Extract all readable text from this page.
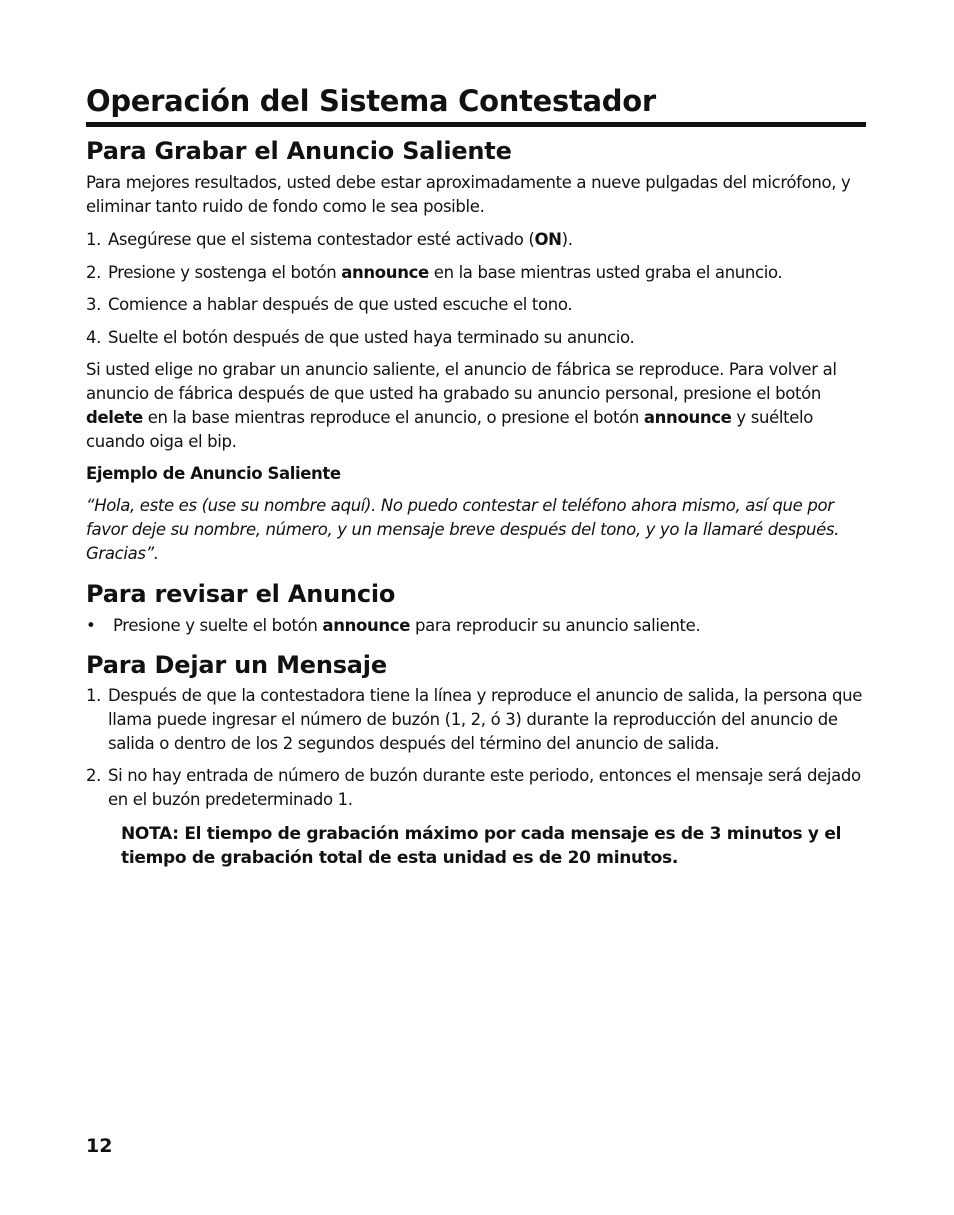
Operación del Sistema Contestador
Para Grabar el Anuncio Saliente

Para mejores resultados, usted debe estar aproximadamente a nueve pulgadas del micrófono, y eliminar tanto ruido de fondo como le sea posible.

1. Asegúrese que el sistema contestador esté activado (ON).
2. Presione y sostenga el botón announce en la base mientras usted graba el anuncio.
3. Comience a hablar después de que usted escuche el tono.
4. Suelte el botón después de que usted haya terminado su anuncio.

Si usted elige no grabar un anuncio saliente, el anuncio de fábrica se reproduce. Para volver al anuncio de fábrica después de que usted ha grabado su anuncio personal, presione el botón delete en la base mientras reproduce el anuncio, o presione el botón announce y suéltelo cuando oiga el bip.

Ejemplo de Anuncio Saliente

“Hola, este es (use su nombre aquí). No puedo contestar el teléfono ahora mismo, así que por favor deje su nombre, número, y un mensaje breve después del tono, y yo la llamaré después. Gracias”.

Para revisar el Anuncio
• Presione y suelte el botón announce para reproducir su anuncio saliente.
Para Dejar un Mensaje
1. Después de que la contestadora tiene la línea y reproduce el anuncio de salida, la persona que llama puede ingresar el número de buzón (1, 2, ó 3) durante la reproducción del anuncio de salida o dentro de los 2 segundos después del término del anuncio de salida.
2. Si no hay entrada de número de buzón durante este periodo, entonces el mensaje será dejado en el buzón predeterminado 1.

NOTA: El tiempo de grabación máximo por cada mensaje es de 3 minutos y el tiempo de grabación total de esta unidad es de 20 minutos.

12
